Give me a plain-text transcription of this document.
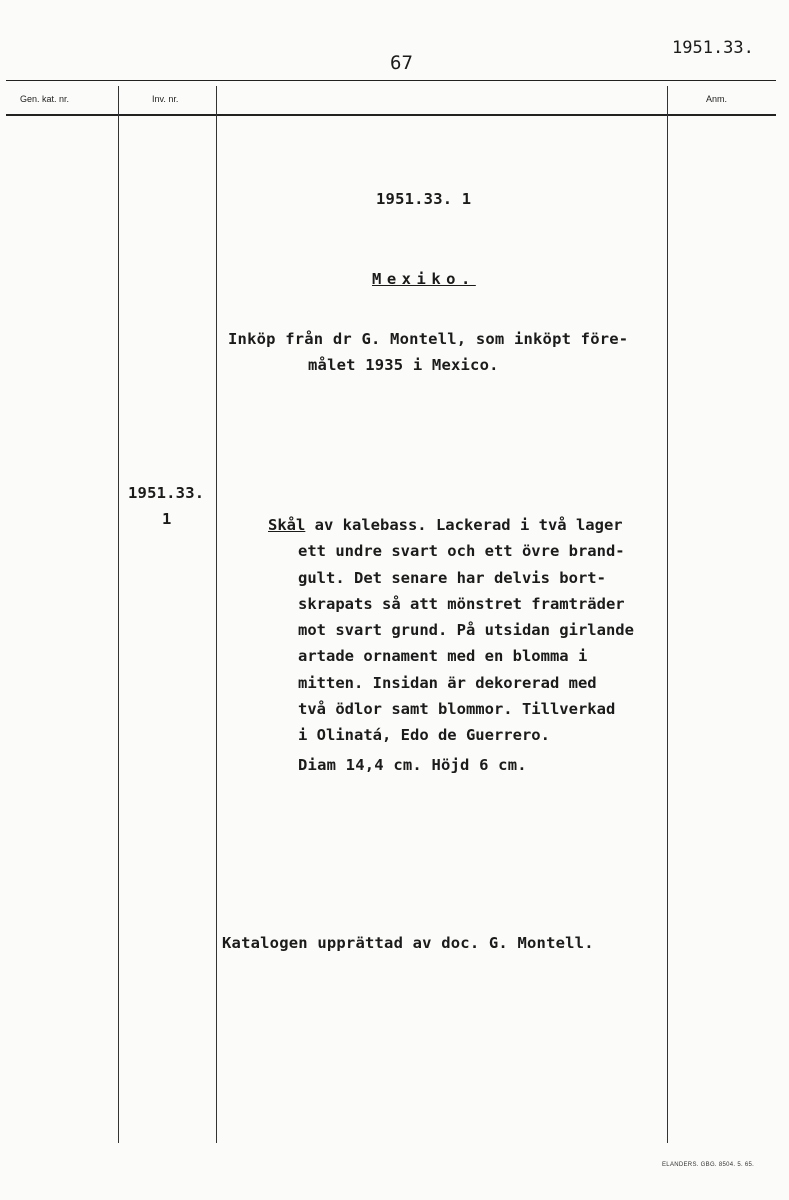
67
1951.33.
Gen. kat. nr.	Inv. nr.	Anm.
1951.33. 1
Mexiko.
Inköp från dr G. Montell, som inköpt före-
målet 1935 i Mexico.
1951.33.
1	Skål av kalebass. Lackerad i två lager
ett undre svart och ett övre brand-
gult. Det senare har delvis bort-
skrapats så att mönstret framträder
mot svart grund. På utsidan girlande
artade ornament med en blomma i
mitten. Insidan är dekorerad med
två ödlor samt blommor. Tillverkad
i Olinatá, Edo de Guerrero.
Diam 14,4 cm. Höjd 6 cm.
Katalogen upprättad av doc. G. Montell.
ELANDERS. GBG. 8504. 5. 65.
